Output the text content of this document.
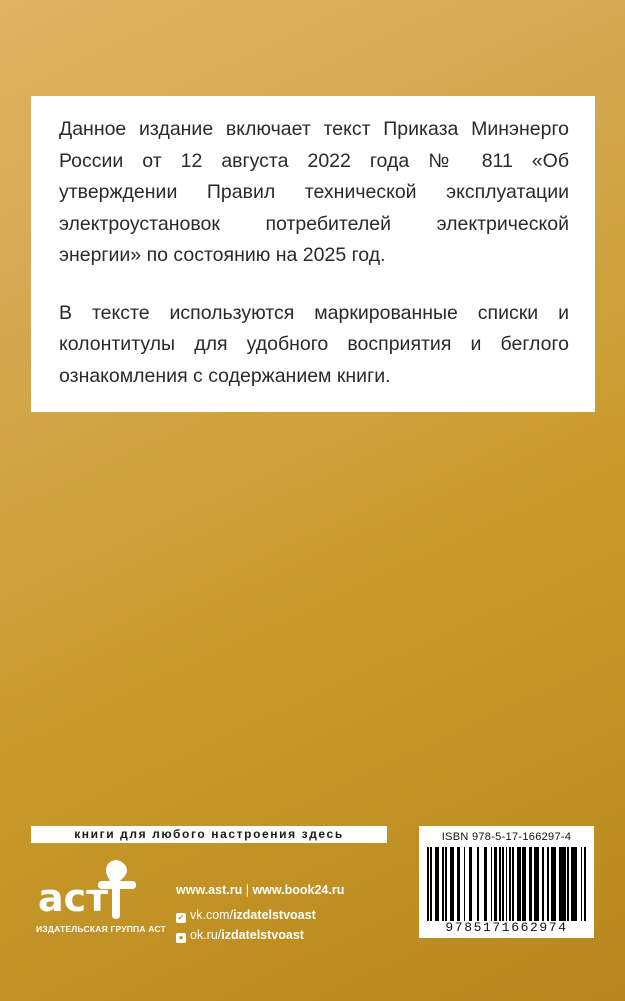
Данное издание включает текст Приказа Минэнерго России от 12 августа 2022 года № 811 «Об утверждении Правил технической эксплуатации электроустановок потребителей электрической энергии» по состоянию на 2025 год.

В тексте используются маркированные списки и колонтитулы для удобного восприятия и беглого ознакомления с содержанием книги.

книги для любого настроения здесь
аст
ИЗДАТЕЛЬСКАЯ ГРУППА АСТ
www.ast.ru | www.book24.ru
✓ vk.com/izdatelstvoast
● ok.ru/izdatelstvoast
ISBN 978-5-17-166297-4
9785171662974
